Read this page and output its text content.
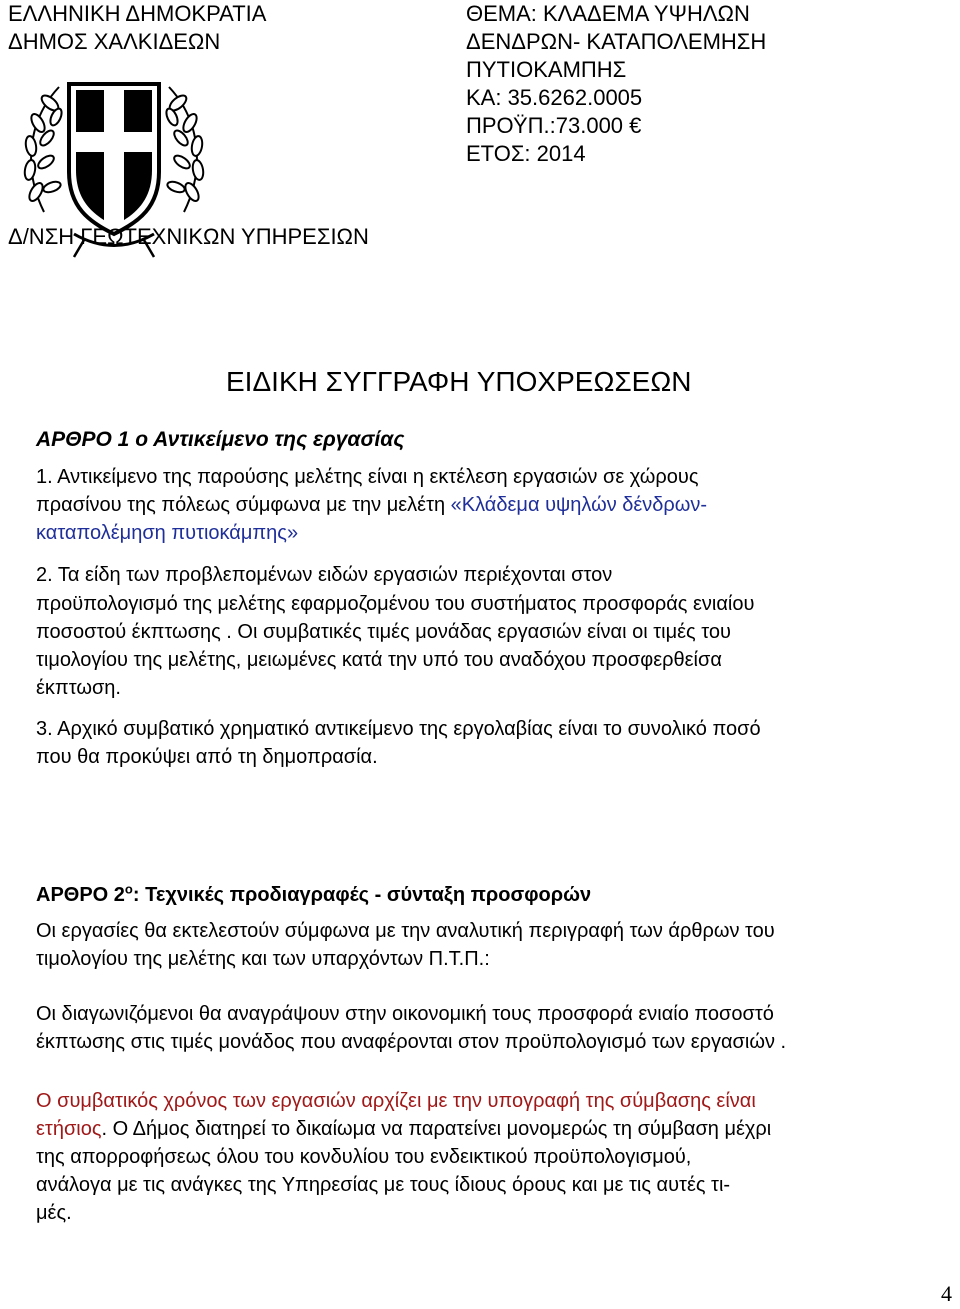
ΕΛΛΗΝΙΚΗ ΔΗΜΟΚΡΑΤΙΑ
ΔΗΜΟΣ ΧΑΛΚΙΔΕΩΝ
ΘΕΜΑ: ΚΛΑΔΕΜΑ ΥΨΗΛΩΝ
ΔΕΝΔΡΩΝ- ΚΑΤΑΠΟΛΕΜΗΣΗ
ΠΥΤΙΟΚΑΜΠΗΣ
ΚΑ: 35.6262.0005
ΠΡΟΫΠ.:73.000 €
ΕΤΟΣ: 2014
Δ/ΝΣΗ ΓΕΩΤΕΧΝΙΚΩΝ ΥΠΗΡΕΣΙΩΝ
ΕΙΔΙΚΗ ΣΥΓΓΡΑΦΗ ΥΠΟΧΡΕΩΣΕΩΝ
ΑΡΘΡΟ 1 ο Αντικείμενο της εργασίας
1. Αντικείμενο της παρούσης μελέτης είναι η εκτέλεση εργασιών σε χώρους
πρασίνου της πόλεως σύμφωνα με την μελέτη «Κλάδεμα υψηλών δένδρων-
καταπολέμηση πυτιοκάμπης»
2. Τα είδη των προβλεπομένων ειδών εργασιών περιέχονται στον
προϋπολογισμό της μελέτης εφαρμοζομένου του συστήματος προσφοράς ενιαίου
ποσοστού έκπτωσης . Οι συμβατικές τιμές μονάδας εργασιών είναι οι τιμές του
τιμολογίου της μελέτης, μειωμένες κατά την υπό του αναδόχου προσφερθείσα
έκπτωση.
3. Αρχικό συμβατικό χρηματικό αντικείμενο της εργολαβίας είναι το συνολικό ποσό
που θα προκύψει από τη δημοπρασία.
ΑΡΘΡΟ $2^o$: Τεχνικές προδιαγραφές - σύνταξη προσφορών
Οι εργασίες θα εκτελεστούν σύμφωνα με την αναλυτική περιγραφή των άρθρων του
τιμολογίου της μελέτης και των υπαρχόντων Π.Τ.Π.:
Οι διαγωνιζόμενοι θα αναγράψουν στην οικονομική τους προσφορά ενιαίο ποσοστό
έκπτωσης στις τιμές μονάδος που αναφέρονται στον προϋπολογισμό των εργασιών .
Ο συμβατικός χρόνος των εργασιών αρχίζει με την υπογραφή της σύμβασης είναι
ετήσιος. Ο Δήμος διατηρεί το δικαίωμα να παρατείνει μονομερώς τη σύμβαση μέχρι
της απορροφήσεως όλου του κονδυλίου του ενδεικτικού προϋπολογισμού,
ανάλογα με τις ανάγκες της Υπηρεσίας με τους ίδιους όρους και με τις αυτές τι-
μές.
4
